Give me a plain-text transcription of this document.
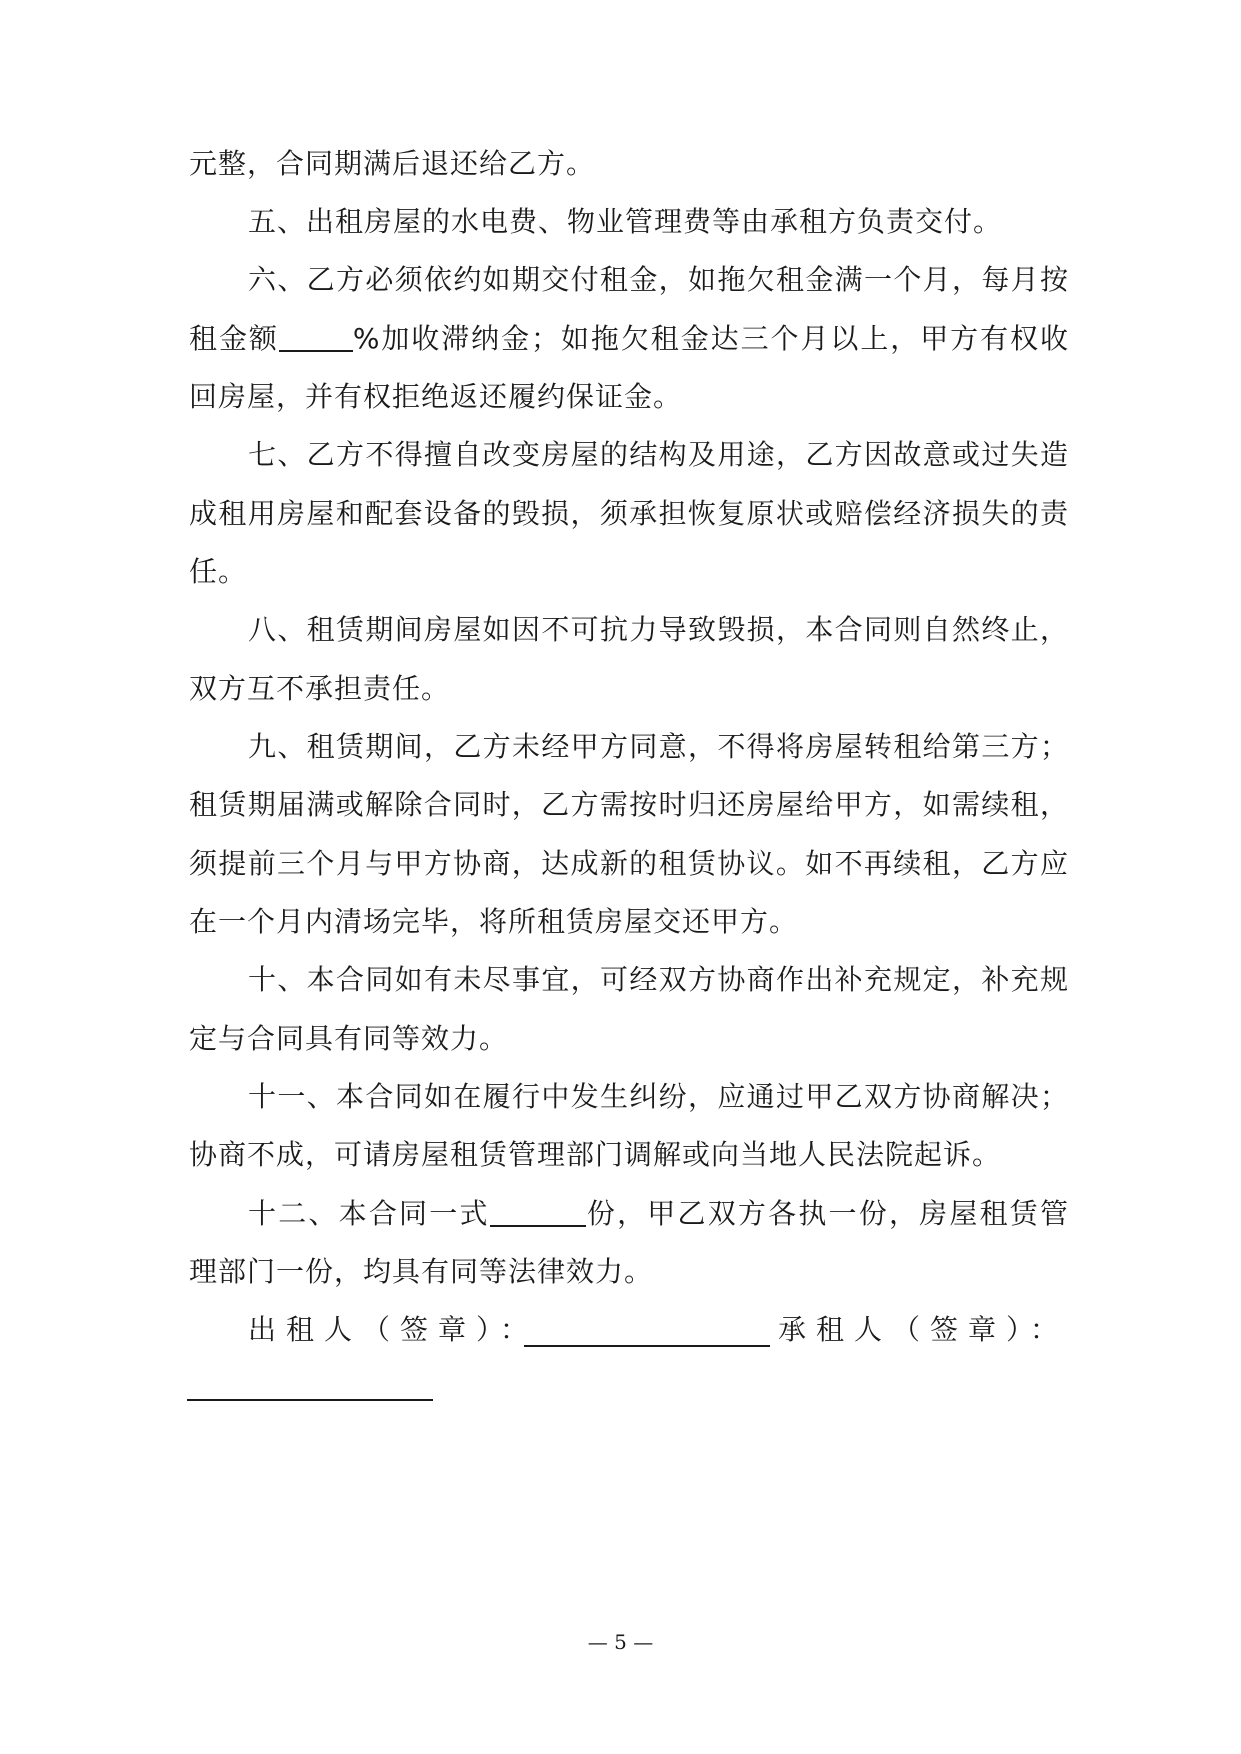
元整，合同期满后退还给乙方。

五、出租房屋的水电费、物业管理费等由承租方负责交付。

六、乙方必须依约如期交付租金，如拖欠租金满一个月，每月按

租金额	%加收滞纳金；如拖欠租金达三个月以上，甲方有权收

回房屋，并有权拒绝返还履约保证金。

七、乙方不得擅自改变房屋的结构及用途，乙方因故意或过失造

成租用房屋和配套设备的毁损，须承担恢复原状或赔偿经济损失的责

任。

八、租赁期间房屋如因不可抗力导致毁损，本合同则自然终止，

双方互不承担责任。

九、租赁期间，乙方未经甲方同意，不得将房屋转租给第三方；

租赁期届满或解除合同时，乙方需按时归还房屋给甲方，如需续租，

须提前三个月与甲方协商，达成新的租赁协议。如不再续租，乙方应

在一个月内清场完毕，将所租赁房屋交还甲方。

十、本合同如有未尽事宜，可经双方协商作出补充规定，补充规

定与合同具有同等效力。

十一、本合同如在履行中发生纠纷，应通过甲乙双方协商解决；

协商不成，可请房屋租赁管理部门调解或向当地人民法院起诉。

十二、本合同一式	份，甲乙双方各执一份，房屋租赁管

理部门一份，均具有同等法律效力。

出租人（签章）：	承租人（签章）：

— 5 —
